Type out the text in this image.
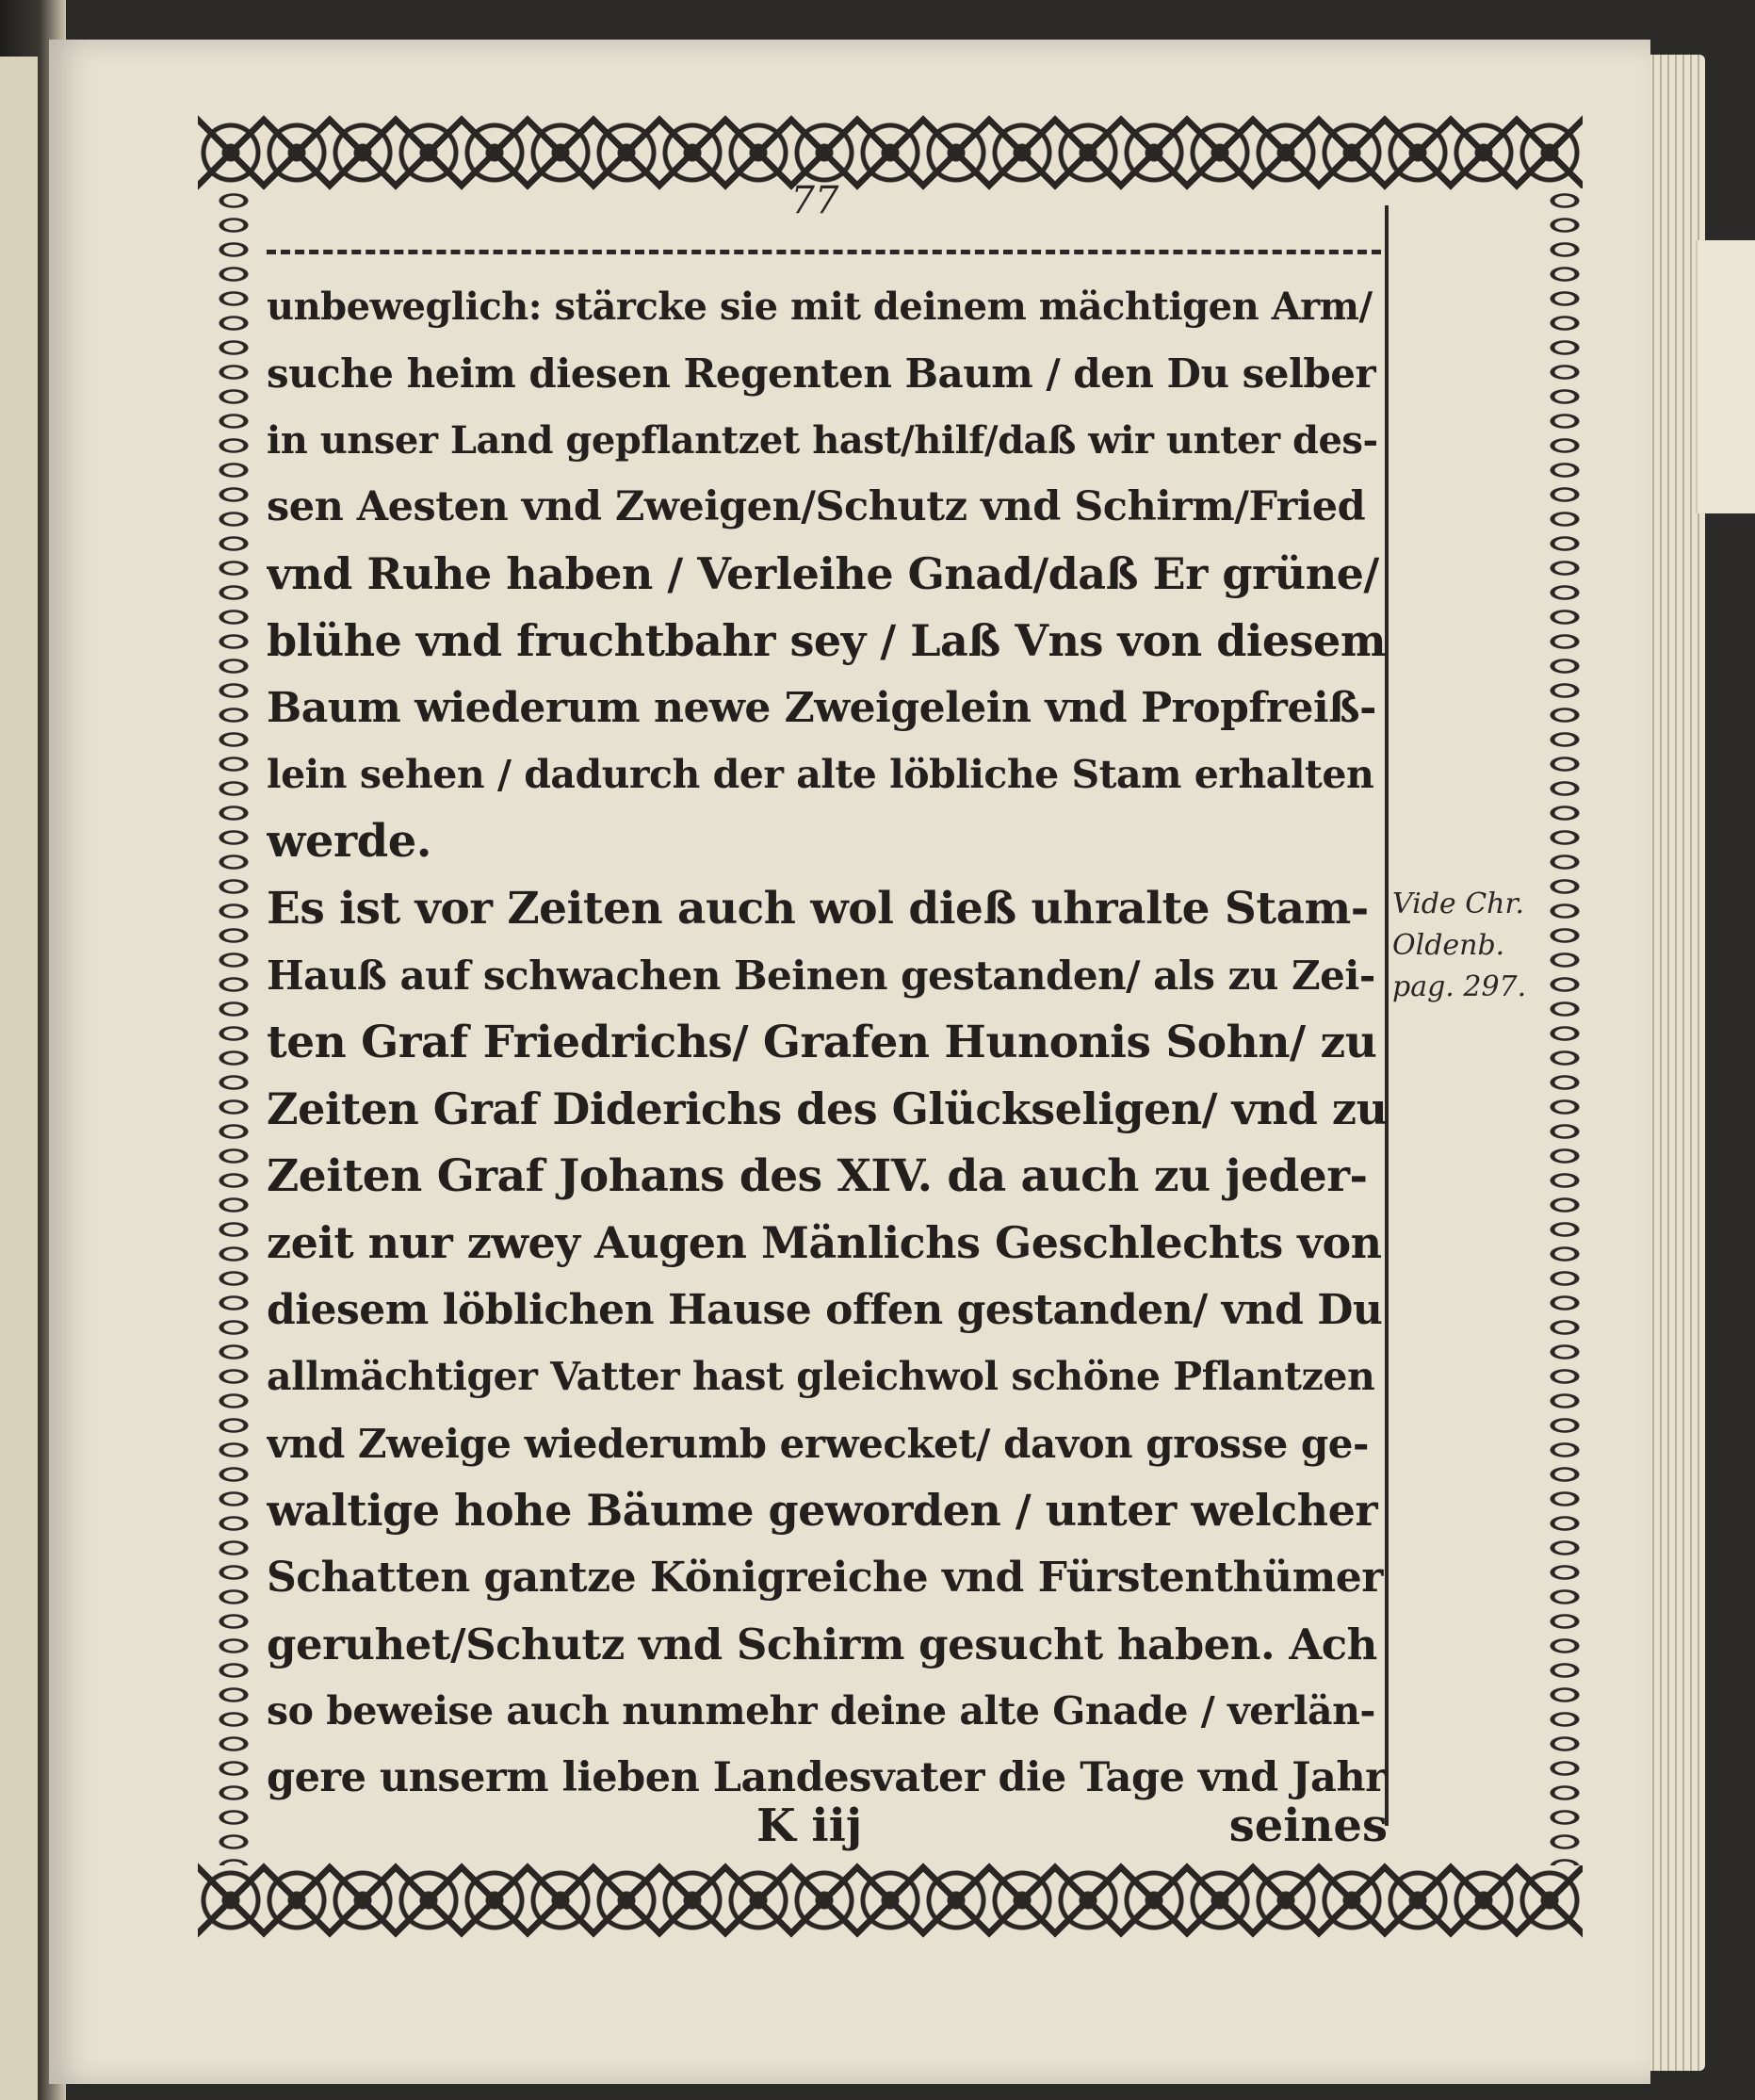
77
unbeweglich: stärcke sie mit deinem mächtigen Arm/
suche heim diesen Regenten Baum / den Du selber
in unser Land gepflantzet hast/hilf/daß wir unter des-
sen Aesten vnd Zweigen/Schutz vnd Schirm/Fried
vnd Ruhe haben / Verleihe Gnad/daß Er grüne/
blühe vnd fruchtbahr sey / Laß Vns von diesem
Baum wiederum newe Zweigelein vnd Propfreiß-
lein sehen / dadurch der alte löbliche Stam erhalten
werde.
Es ist vor Zeiten auch wol dieß uhralte Stam-
Hauß auf schwachen Beinen gestanden/ als zu Zei-
ten Graf Friedrichs/ Grafen Hunonis Sohn/ zu
Zeiten Graf Diderichs des Glückseligen/ vnd zu
Zeiten Graf Johans des XIV. da auch zu jeder-
zeit nur zwey Augen Mänlichs Geschlechts von
diesem löblichen Hause offen gestanden/ vnd Du
allmächtiger Vatter hast gleichwol schöne Pflantzen
vnd Zweige wiederumb erwecket/ davon grosse ge-
waltige hohe Bäume geworden / unter welcher
Schatten gantze Königreiche vnd Fürstenthümer
geruhet/Schutz vnd Schirm gesucht haben. Ach
so beweise auch nunmehr deine alte Gnade / verlän-
gere unserm lieben Landesvater die Tage vnd Jahr
K iij	seines
Vide Chr.
Oldenb.
pag. 297.
